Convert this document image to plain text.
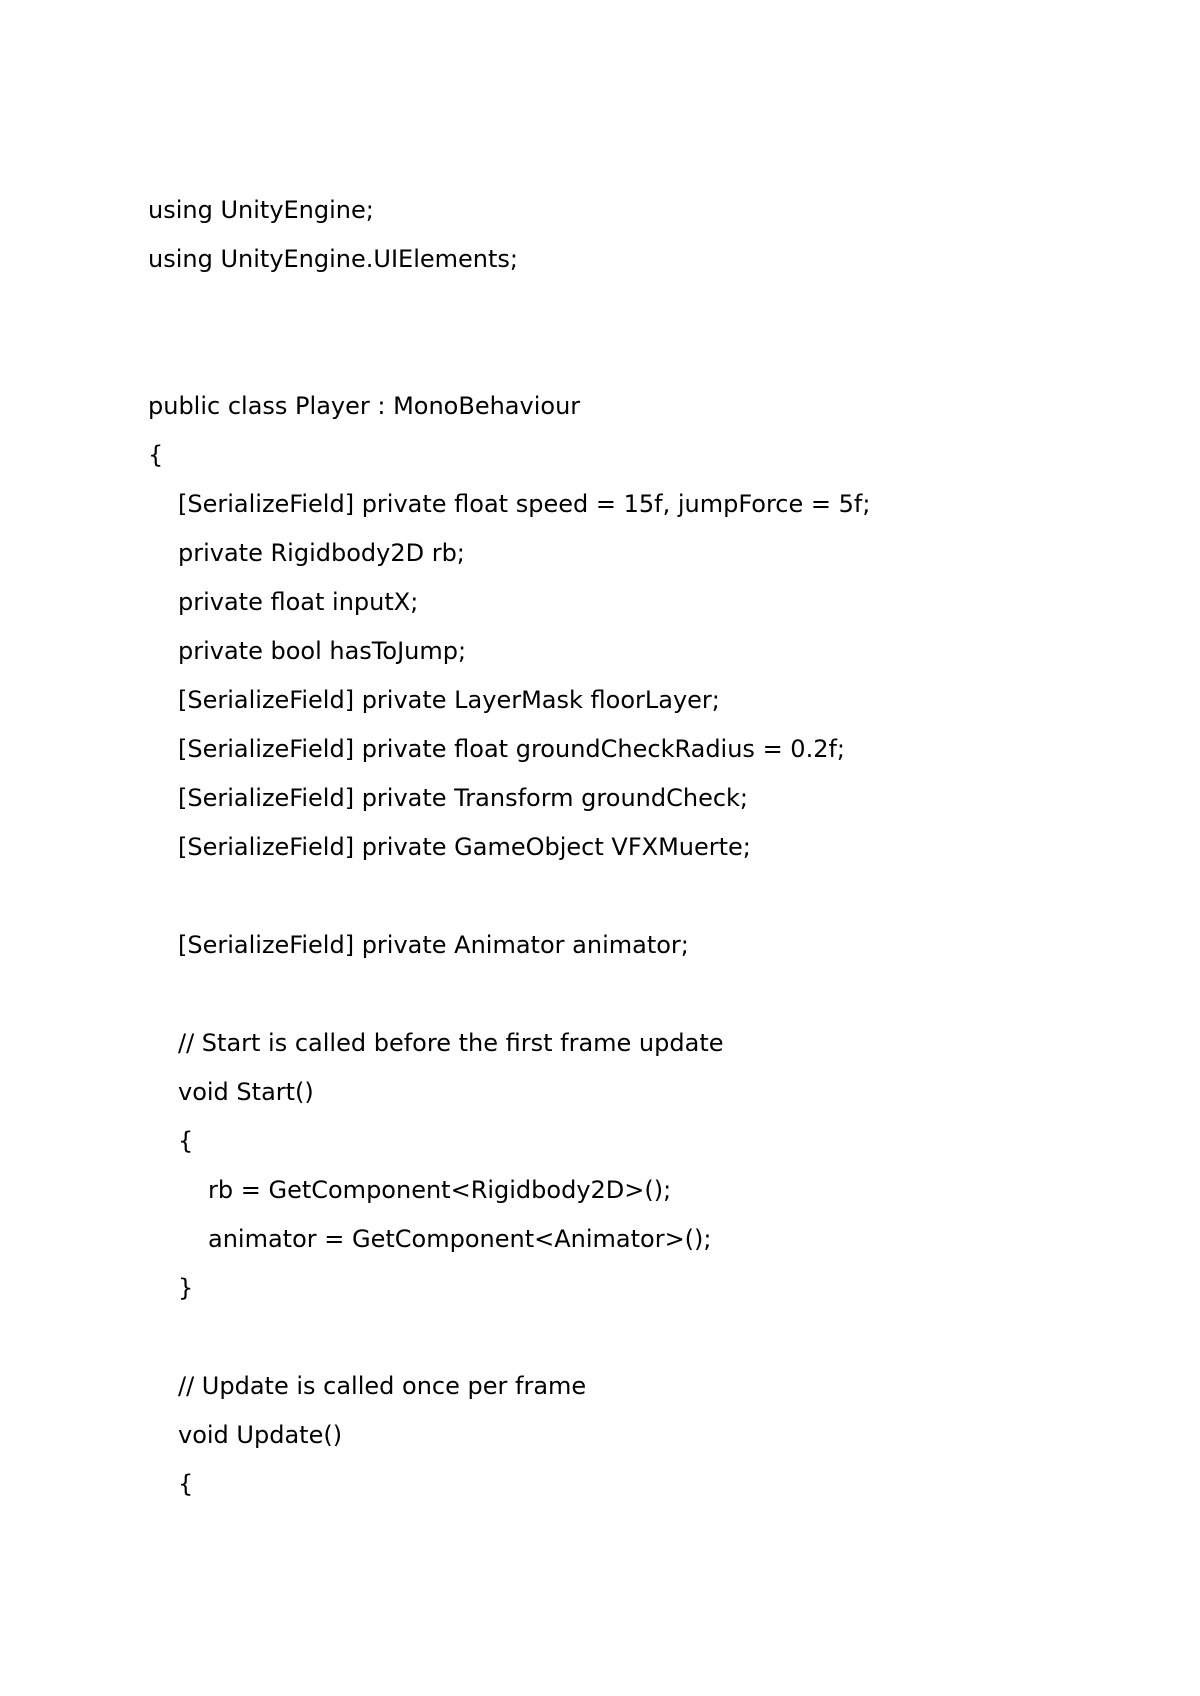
using UnityEngine;
using UnityEngine.UIElements;
public class Player : MonoBehaviour
{
[SerializeField] private float speed = 15f, jumpForce = 5f;
private Rigidbody2D rb;
private float inputX;
private bool hasToJump;
[SerializeField] private LayerMask floorLayer;
[SerializeField] private float groundCheckRadius = 0.2f;
[SerializeField] private Transform groundCheck;
[SerializeField] private GameObject VFXMuerte;
[SerializeField] private Animator animator;
// Start is called before the first frame update
void Start()
{
rb = GetComponent<Rigidbody2D>();
animator = GetComponent<Animator>();
}
// Update is called once per frame
void Update()
{
